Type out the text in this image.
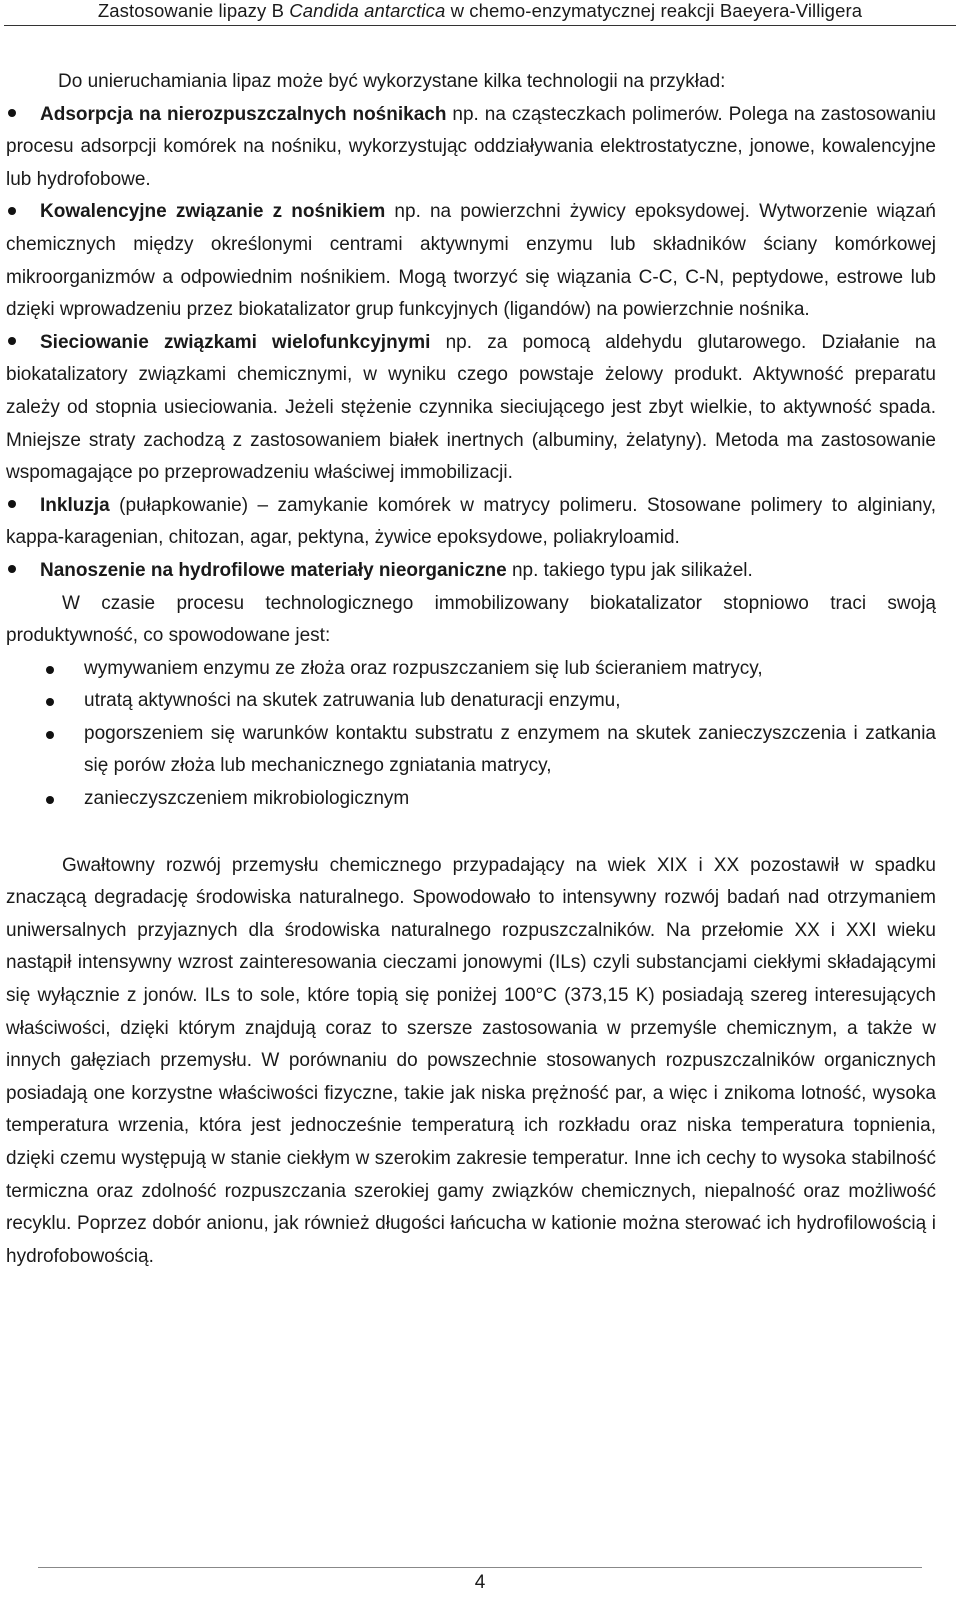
Zastosowanie lipazy B Candida antarctica w chemo-enzymatycznej reakcji Baeyera-Villigera

Do unieruchamiania lipaz może być wykorzystane kilka technologii na przykład:

Adsorpcja na nierozpuszczalnych nośnikach np. na cząsteczkach polimerów. Polega na zastosowaniu procesu adsorpcji komórek na nośniku, wykorzystując oddziaływania elektrostatyczne, jonowe, kowalencyjne lub hydrofobowe.

Kowalencyjne związanie z nośnikiem np. na powierzchni żywicy epoksydowej. Wytworzenie wiązań chemicznych między określonymi centrami aktywnymi enzymu lub składników ściany komórkowej mikroorganizmów a odpowiednim nośnikiem. Mogą tworzyć się wiązania C-C, C-N, peptydowe, estrowe lub dzięki wprowadzeniu przez biokatalizator grup funkcyjnych (ligandów) na powierzchnie nośnika.

Sieciowanie związkami wielofunkcyjnymi np. za pomocą aldehydu glutarowego. Działanie na biokatalizatory związkami chemicznymi, w wyniku czego powstaje żelowy produkt. Aktywność preparatu zależy od stopnia usieciowania. Jeżeli stężenie czynnika sieciującego jest zbyt wielkie, to aktywność spada. Mniejsze straty zachodzą z zastosowaniem białek inertnych (albuminy, żelatyny). Metoda ma zastosowanie wspomagające po przeprowadzeniu właściwej immobilizacji.

Inkluzja (pułapkowanie) – zamykanie komórek w matrycy polimeru. Stosowane polimery to alginiany, kappa-karagenian, chitozan, agar, pektyna, żywice epoksydowe, poliakryloamid.

Nanoszenie na hydrofilowe materiały nieorganiczne np. takiego typu jak silikażel.

W czasie procesu technologicznego immobilizowany biokatalizator stopniowo traci swoją produktywność, co spowodowane jest:

wymywaniem enzymu ze złoża oraz rozpuszczaniem się lub ścieraniem matrycy,
utratą aktywności na skutek zatruwania lub denaturacji enzymu,
pogorszeniem się warunków kontaktu substratu z enzymem na skutek zanieczyszczenia i zatkania się porów złoża lub mechanicznego zgniatania matrycy,
zanieczyszczeniem mikrobiologicznym

Gwałtowny rozwój przemysłu chemicznego przypadający na wiek XIX i XX pozostawił w spadku znaczącą degradację środowiska naturalnego. Spowodowało to intensywny rozwój badań nad otrzymaniem uniwersalnych przyjaznych dla środowiska naturalnego rozpuszczalników. Na przełomie XX i XXI wieku nastąpił intensywny wzrost zainteresowania cieczami jonowymi (ILs) czyli substancjami ciekłymi składającymi się wyłącznie z jonów. ILs to sole, które topią się poniżej 100°C (373,15 K) posiadają szereg interesujących właściwości, dzięki którym znajdują coraz to szersze zastosowania w przemyśle chemicznym, a także w innych gałęziach przemysłu. W porównaniu do powszechnie stosowanych rozpuszczalników organicznych posiadają one korzystne właściwości fizyczne, takie jak niska prężność par, a więc i znikoma lotność, wysoka temperatura wrzenia, która jest jednocześnie temperaturą ich rozkładu oraz niska temperatura topnienia, dzięki czemu występują w stanie ciekłym w szerokim zakresie temperatur. Inne ich cechy to wysoka stabilność termiczna oraz zdolność rozpuszczania szerokiej gamy związków chemicznych, niepalność oraz możliwość recyklu. Poprzez dobór anionu, jak również długości łańcucha w kationie można sterować ich hydrofilowością i hydrofobowością.

4
